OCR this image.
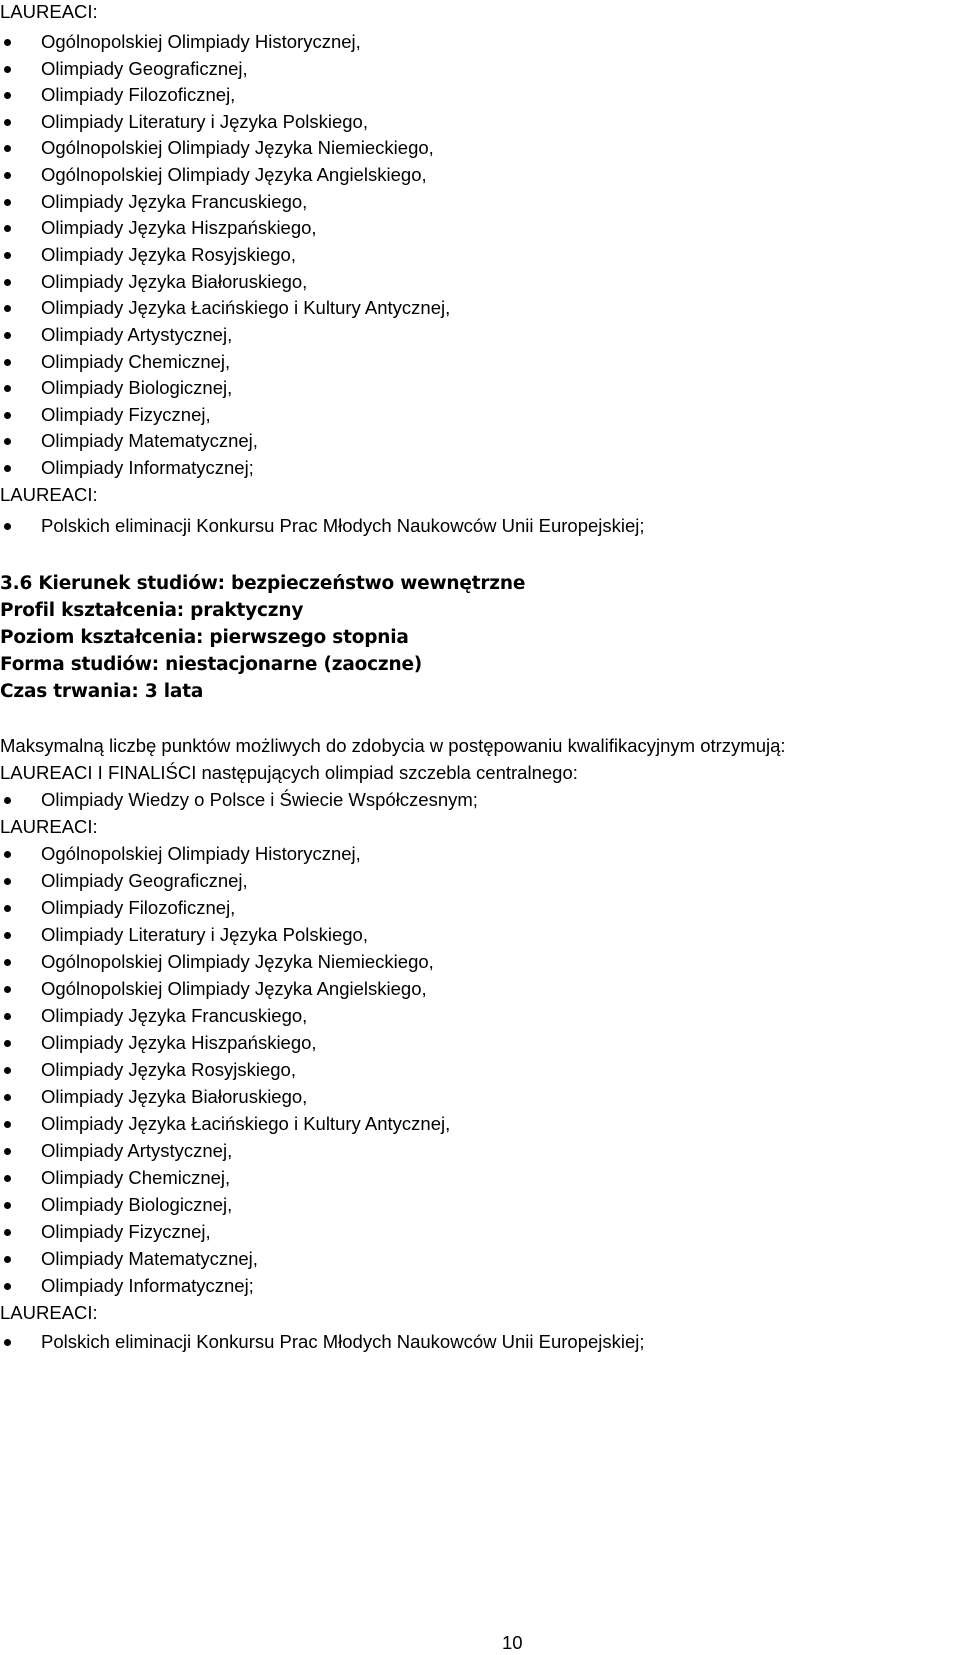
LAUREACI:
Ogólnopolskiej Olimpiady Historycznej,
Olimpiady Geograficznej,
Olimpiady Filozoficznej,
Olimpiady Literatury i Języka Polskiego,
Ogólnopolskiej Olimpiady Języka Niemieckiego,
Ogólnopolskiej Olimpiady Języka Angielskiego,
Olimpiady Języka Francuskiego,
Olimpiady Języka Hiszpańskiego,
Olimpiady Języka Rosyjskiego,
Olimpiady Języka Białoruskiego,
Olimpiady Języka Łacińskiego i Kultury Antycznej,
Olimpiady Artystycznej,
Olimpiady Chemicznej,
Olimpiady Biologicznej,
Olimpiady Fizycznej,
Olimpiady Matematycznej,
Olimpiady Informatycznej;
LAUREACI:
Polskich eliminacji Konkursu Prac Młodych Naukowców Unii Europejskiej;
3.6 Kierunek studiów: bezpieczeństwo wewnętrzne
Profil kształcenia: praktyczny
Poziom kształcenia: pierwszego stopnia
Forma studiów: niestacjonarne (zaoczne)
Czas trwania: 3 lata
Maksymalną liczbę punktów możliwych do zdobycia w postępowaniu kwalifikacyjnym otrzymują:
LAUREACI I FINALIŚCI następujących olimpiad szczebla centralnego:
Olimpiady Wiedzy o Polsce i Świecie Współczesnym;
LAUREACI:
Ogólnopolskiej Olimpiady Historycznej,
Olimpiady Geograficznej,
Olimpiady Filozoficznej,
Olimpiady Literatury i Języka Polskiego,
Ogólnopolskiej Olimpiady Języka Niemieckiego,
Ogólnopolskiej Olimpiady Języka Angielskiego,
Olimpiady Języka Francuskiego,
Olimpiady Języka Hiszpańskiego,
Olimpiady Języka Rosyjskiego,
Olimpiady Języka Białoruskiego,
Olimpiady Języka Łacińskiego i Kultury Antycznej,
Olimpiady Artystycznej,
Olimpiady Chemicznej,
Olimpiady Biologicznej,
Olimpiady Fizycznej,
Olimpiady Matematycznej,
Olimpiady Informatycznej;
LAUREACI:
Polskich eliminacji Konkursu Prac Młodych Naukowców Unii Europejskiej;
10
